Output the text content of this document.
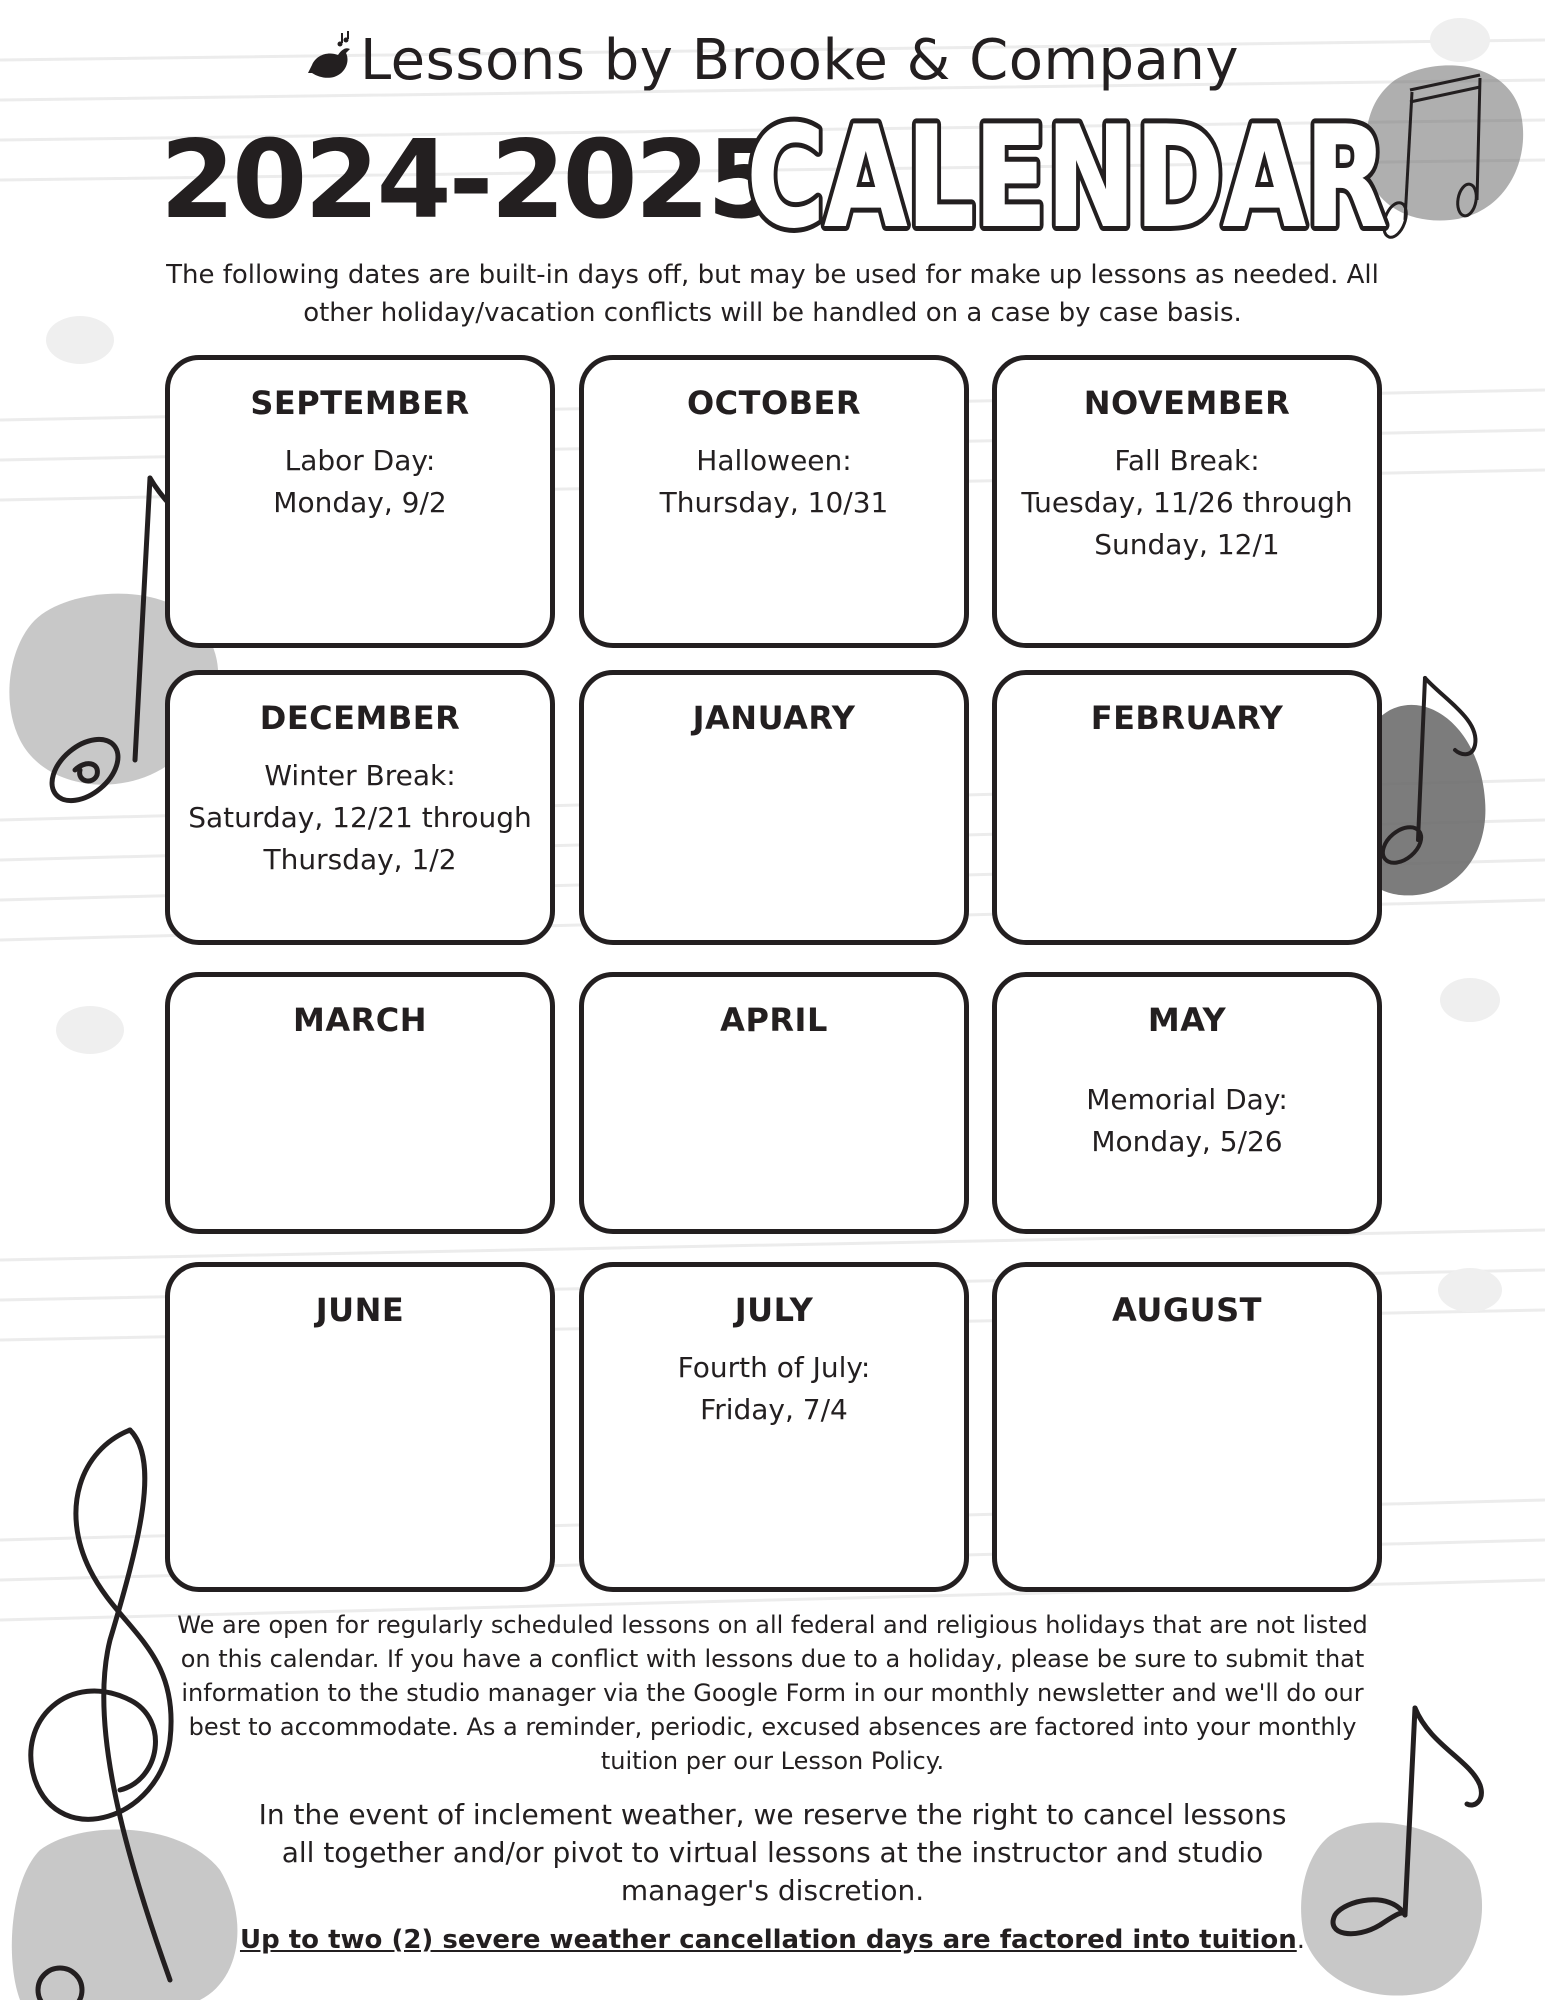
Lessons by Brooke & Company
2024-2025
CALENDAR
CALENDAR
The following dates are built-in days off, but may be used for make up lessons as needed. All other holiday/vacation conflicts will be handled on a case by case basis.
SEPTEMBER
Labor Day:
Monday, 9/2
OCTOBER
Halloween:
Thursday, 10/31
NOVEMBER
Fall Break:
Tuesday, 11/26 through
Sunday, 12/1
DECEMBER
Winter Break:
Saturday, 12/21 through
Thursday, 1/2
JANUARY	FEBRUARY
MARCH	APRIL	MAY
Memorial Day:
Monday, 5/26
JUNE	JULY
Fourth of July:
Friday, 7/4
AUGUST
We are open for regularly scheduled lessons on all federal and religious holidays that are not listed on this calendar. If you have a conflict with lessons due to a holiday, please be sure to submit that information to the studio manager via the Google Form in our monthly newsletter and we'll do our best to accommodate. As a reminder, periodic, excused absences are factored into your monthly tuition per our Lesson Policy.
In the event of inclement weather, we reserve the right to cancel lessons all together and/or pivot to virtual lessons at the instructor and studio manager's discretion.
Up to two (2) severe weather cancellation days are factored into tuition.
